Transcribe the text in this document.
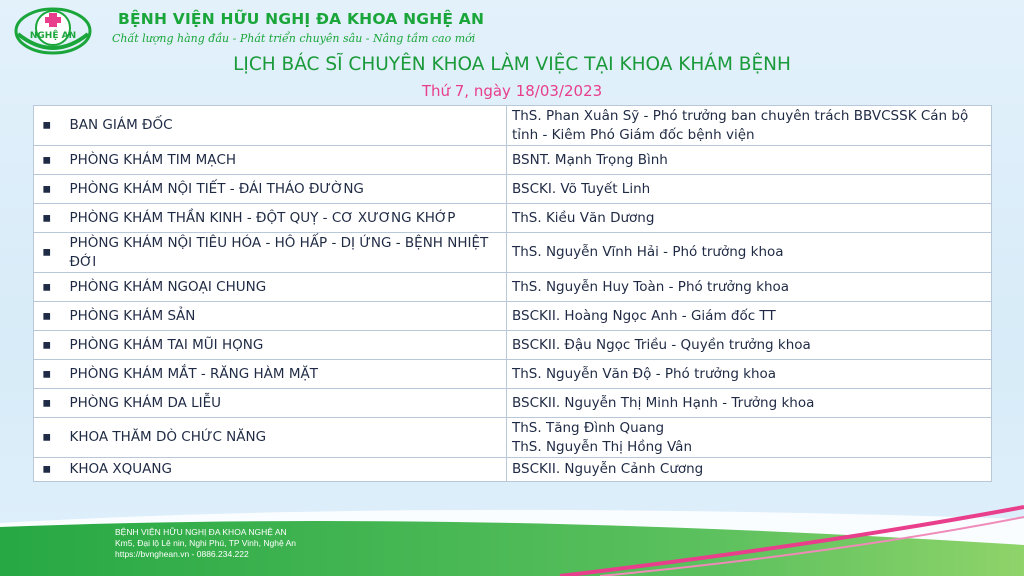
NGHỆ AN
BỆNH VIỆN HỮU NGHỊ ĐA KHOA NGHỆ AN
Chất lượng hàng đầu - Phát triển chuyên sâu - Nâng tầm cao mới
LỊCH BÁC SĨ CHUYÊN KHOA LÀM VIỆC TẠI KHOA KHÁM BỆNH
Thứ 7, ngày 18/03/2023
▪	BAN GIÁM ĐỐC	ThS. Phan Xuân Sỹ - Phó trưởng ban chuyên trách BBVCSSK Cán bộ tỉnh - Kiêm Phó Giám đốc bệnh viện

▪	PHÒNG KHÁM TIM MẠCH	BSNT. Mạnh Trọng Bình

▪	PHÒNG KHÁM NỘI TIẾT - ĐÁI THÁO ĐƯỜNG	BSCKI. Võ Tuyết Linh

▪	PHÒNG KHÁM THẦN KINH - ĐỘT QUỴ - CƠ XƯƠNG KHỚP	ThS. Kiều Văn Dương

▪	PHÒNG KHÁM NỘI TIÊU HÓA - HÔ HẤP - DỊ ỨNG - BỆNH NHIỆT ĐỚI	ThS. Nguyễn Vĩnh Hải - Phó trưởng khoa

▪	PHÒNG KHÁM NGOẠI CHUNG	ThS. Nguyễn Huy Toàn - Phó trưởng khoa

▪	PHÒNG KHÁM SẢN	BSCKII. Hoàng Ngọc Anh - Giám đốc TT

▪	PHÒNG KHÁM TAI MŨI HỌNG	BSCKII. Đậu Ngọc Triều - Quyền trưởng khoa

▪	PHÒNG KHÁM MẮT - RĂNG HÀM MẶT	ThS. Nguyễn Văn Độ - Phó trưởng khoa

▪	PHÒNG KHÁM DA LIỄU	BSCKII. Nguyễn Thị Minh Hạnh - Trưởng khoa

▪	KHOA THĂM DÒ CHỨC NĂNG	ThS. Tăng Đình Quang
ThS. Nguyễn Thị Hồng Vân

▪	KHOA XQUANG	BSCKII. Nguyễn Cảnh Cương
BỆNH VIỆN HỮU NGHỊ ĐA KHOA NGHỆ AN
Km5, Đại lộ Lê nin, Nghi Phú, TP Vinh, Nghệ An
https://bvnghean.vn - 0886.234.222
